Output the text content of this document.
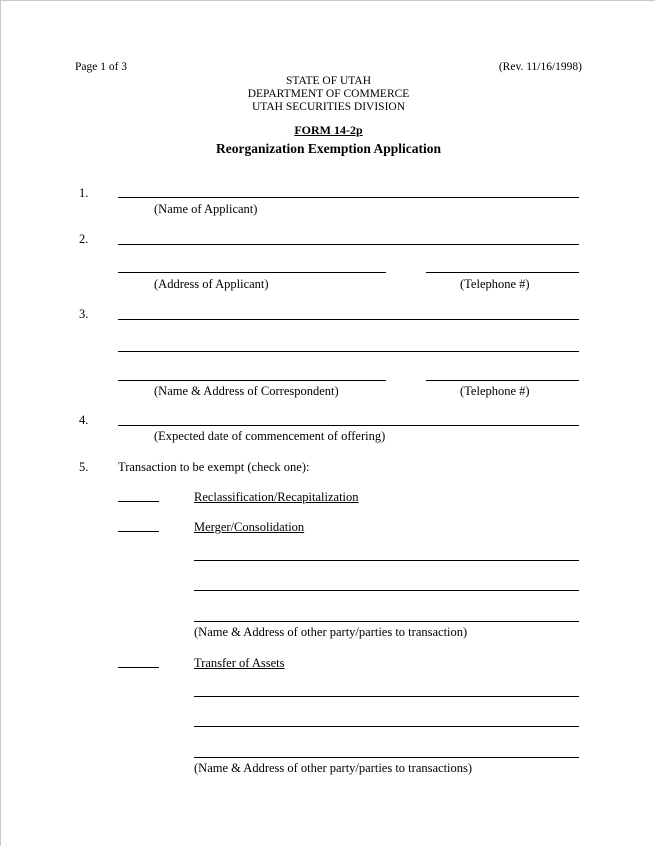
Page 1 of 3	(Rev. 11/16/1998)
STATE OF UTAH
DEPARTMENT OF COMMERCE
UTAH SECURITIES DIVISION
FORM 14-2p
Reorganization Exemption Application
1.
(Name of Applicant)
2.
(Address of Applicant)	(Telephone #)
3.
(Name & Address of Correspondent)	(Telephone #)
4.
(Expected date of commencement of offering)
5. Transaction to be exempt (check one):
Reclassification/Recapitalization
Merger/Consolidation
(Name & Address of other party/parties to transaction)
Transfer of Assets
(Name & Address of other party/parties to transactions)
